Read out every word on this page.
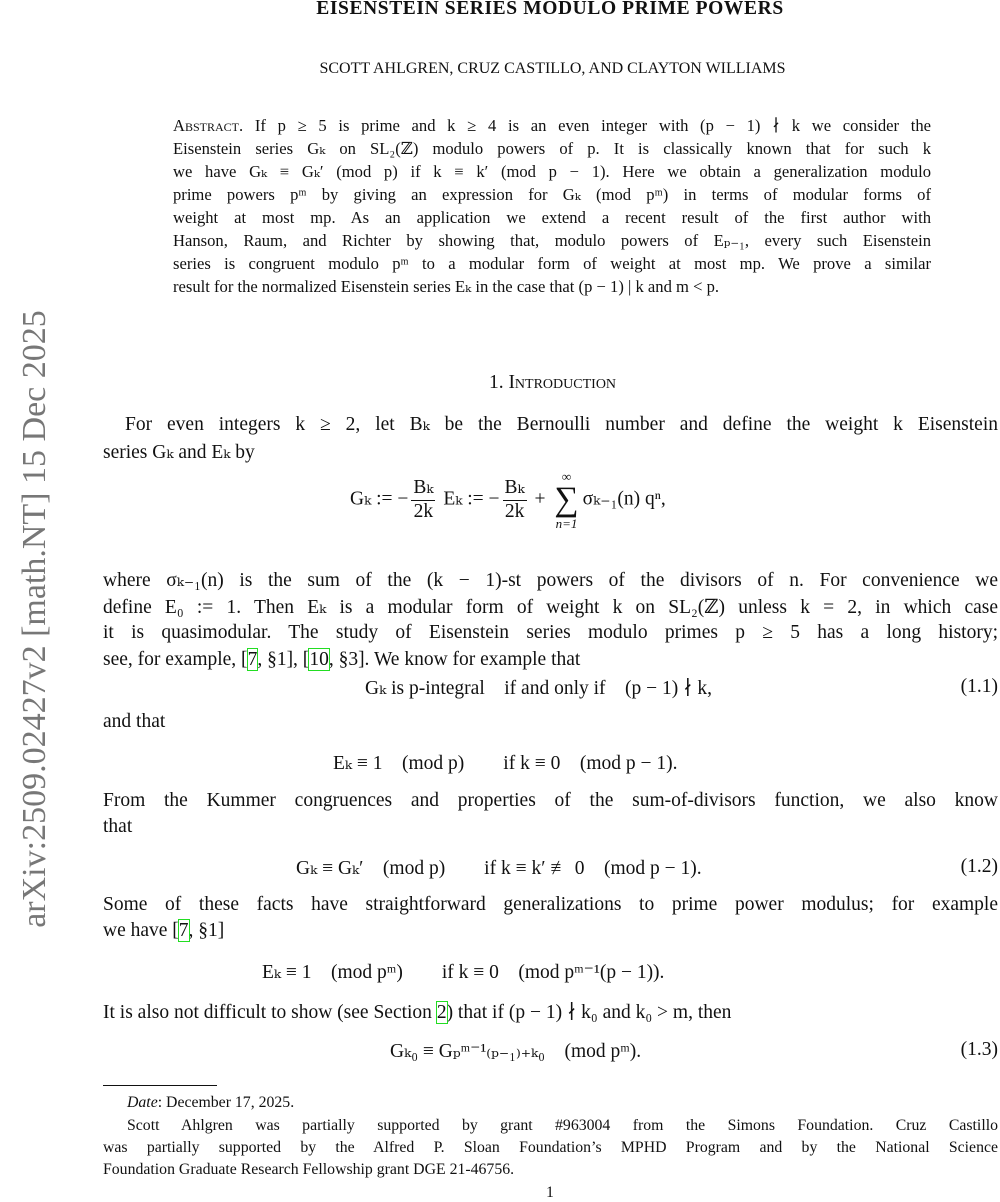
arXiv:2509.02427v2 [math.NT] 15 Dec 2025
EISENSTEIN SERIES MODULO PRIME POWERS
SCOTT AHLGREN, CRUZ CASTILLO, AND CLAYTON WILLIAMS
Abstract. If p ≥ 5 is prime and k ≥ 4 is an even integer with (p − 1) ∤ k we consider the
Eisenstein series Gₖ on SL₂(ℤ) modulo powers of p. It is classically known that for such k
we have Gₖ ≡ Gₖ′ (mod p) if k ≡ k′ (mod p − 1). Here we obtain a generalization modulo
prime powers pᵐ by giving an expression for Gₖ (mod pᵐ) in terms of modular forms of
weight at most mp. As an application we extend a recent result of the first author with
Hanson, Raum, and Richter by showing that, modulo powers of Eₚ₋₁, every such Eisenstein
series is congruent modulo pᵐ to a modular form of weight at most mp. We prove a similar
result for the normalized Eisenstein series Eₖ in the case that (p − 1) | k and m < p.
1. Introduction
For even integers k ≥ 2, let Bₖ be the Bernoulli number and define the weight k Eisenstein
series Gₖ and Eₖ by
Gₖ := − $\frac{\text{Bₖ}}{2k}$ Eₖ := − $\frac{\text{Bₖ}}{2k}$ +
∞
∑
n=1
σₖ₋₁(n) qⁿ,
where σₖ₋₁(n) is the sum of the (k − 1)-st powers of the divisors of n. For convenience we
define E₀ := 1. Then Eₖ is a modular form of weight k on SL₂(ℤ) unless k = 2, in which case
it is quasimodular. The study of Eisenstein series modulo primes p ≥ 5 has a long history;
see, for example, [7, §1], [10, §3]. We know for example that
Gₖ is p-integral    if and only if    (p − 1) ∤ k,	(1.1)
and that
Eₖ ≡ 1    (mod p)        if k ≡ 0    (mod p − 1).
From the Kummer congruences and properties of the sum-of-divisors function, we also know
that
Gₖ ≡ Gₖ′    (mod p)        if k ≡ k′ ≢ 0    (mod p − 1).	(1.2)
Some of these facts have straightforward generalizations to prime power modulus; for example
we have [7, §1]
Eₖ ≡ 1    (mod pᵐ)        if k ≡ 0    (mod pᵐ⁻¹(p − 1)).
It is also not difficult to show (see Section 2) that if (p − 1) ∤ k₀ and k₀ > m, then
Gₖ₀ ≡ Gₚᵐ⁻¹₍ₚ₋₁₎₊ₖ₀    (mod pᵐ).	(1.3)
Date: December 17, 2025.
Scott Ahlgren was partially supported by grant #963004 from the Simons Foundation. Cruz Castillo
was partially supported by the Alfred P. Sloan Foundation’s MPHD Program and by the National Science
Foundation Graduate Research Fellowship grant DGE 21-46756.
1
